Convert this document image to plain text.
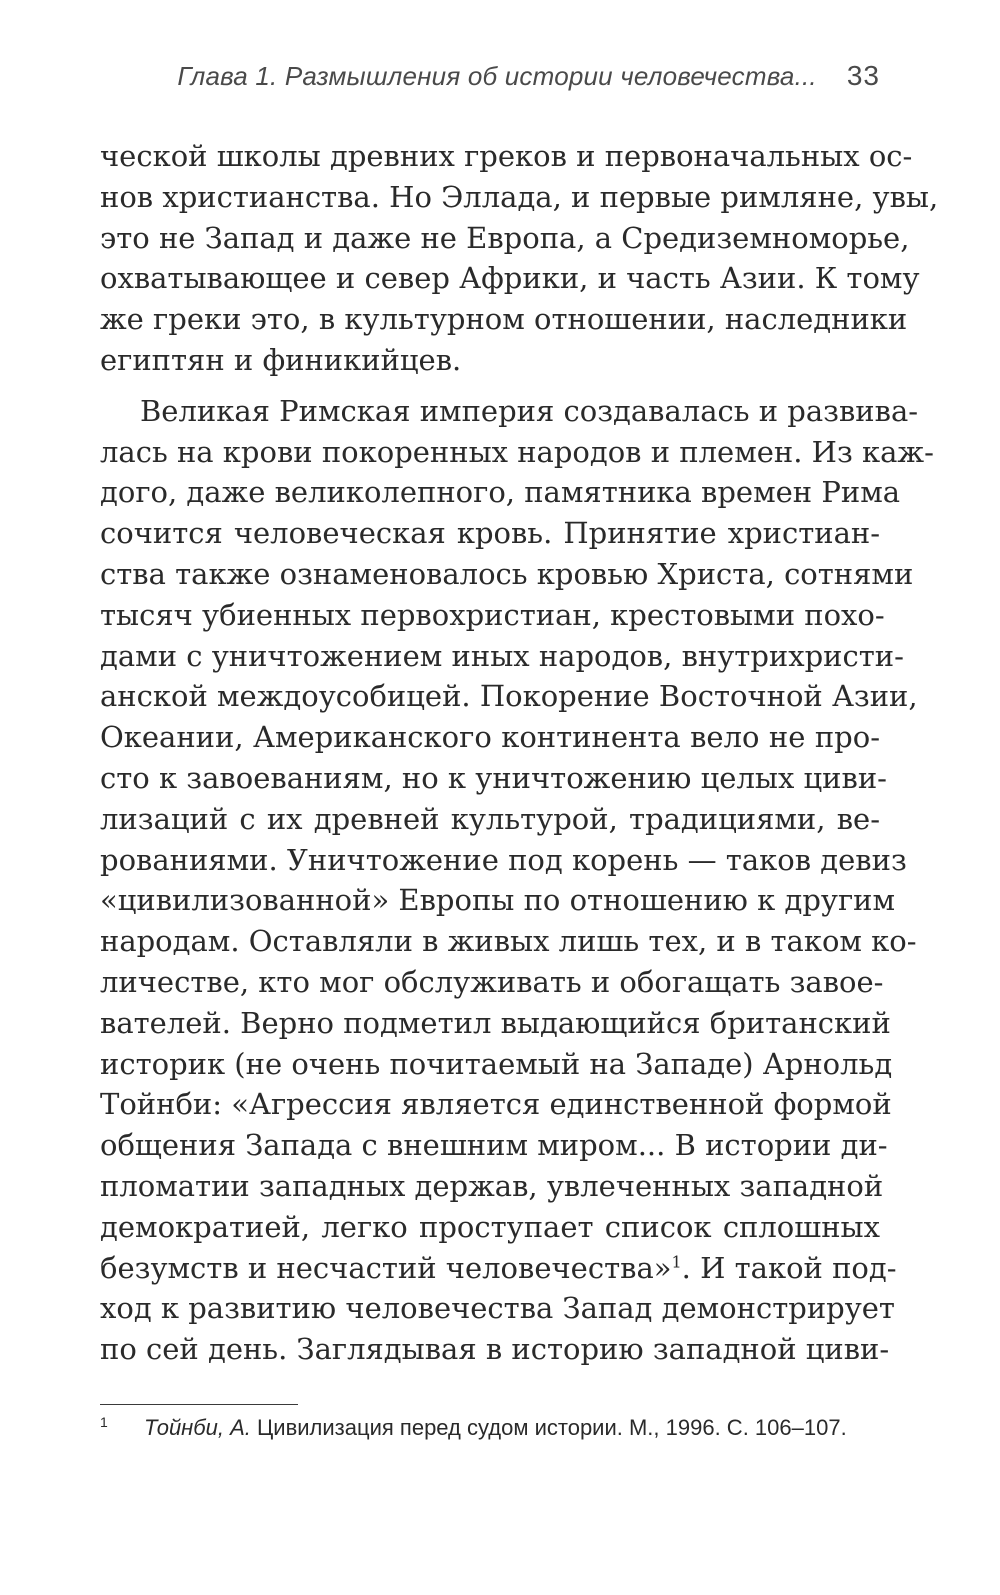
Глава 1. Размышления об истории человечества... 33
ческой школы древних греков и первоначальных ос-
нов христианства. Но Эллада, и первые римляне, увы,
это не Запад и даже не Европа, а Средиземноморье,
охватывающее и север Африки, и часть Азии. К тому
же греки это, в культурном отношении, наследники
египтян и финикийцев.
Великая Римская империя создавалась и развива-
лась на крови покоренных народов и племен. Из каж-
дого, даже великолепного, памятника времен Рима
сочится человеческая кровь. Принятие христиан-
ства также ознаменовалось кровью Христа, сотнями
тысяч убиенных первохристиан, крестовыми похо-
дами с уничтожением иных народов, внутрихристи-
анской междоусобицей. Покорение Восточной Азии,
Океании, Американского континента вело не про-
сто к завоеваниям, но к уничтожению целых циви-
лизаций с их древней культурой, традициями, ве-
рованиями. Уничтожение под корень — таков девиз
«цивилизованной» Европы по отношению к другим
народам. Оставляли в живых лишь тех, и в таком ко-
личестве, кто мог обслуживать и обогащать завое-
вателей. Верно подметил выдающийся британский
историк (не очень почитаемый на Западе) Арнольд
Тойнби: «Агрессия является единственной формой
общения Запада с внешним миром... В истории ди-
пломатии западных держав, увлеченных западной
демократией, легко проступает список сплошных
безумств и несчастий человечества»$^1$. И такой под-
ход к развитию человечества Запад демонстрирует
по сей день. Заглядывая в историю западной циви-
1 Тойнби, А. Цивилизация перед судом истории. М., 1996. С. 106–107.
